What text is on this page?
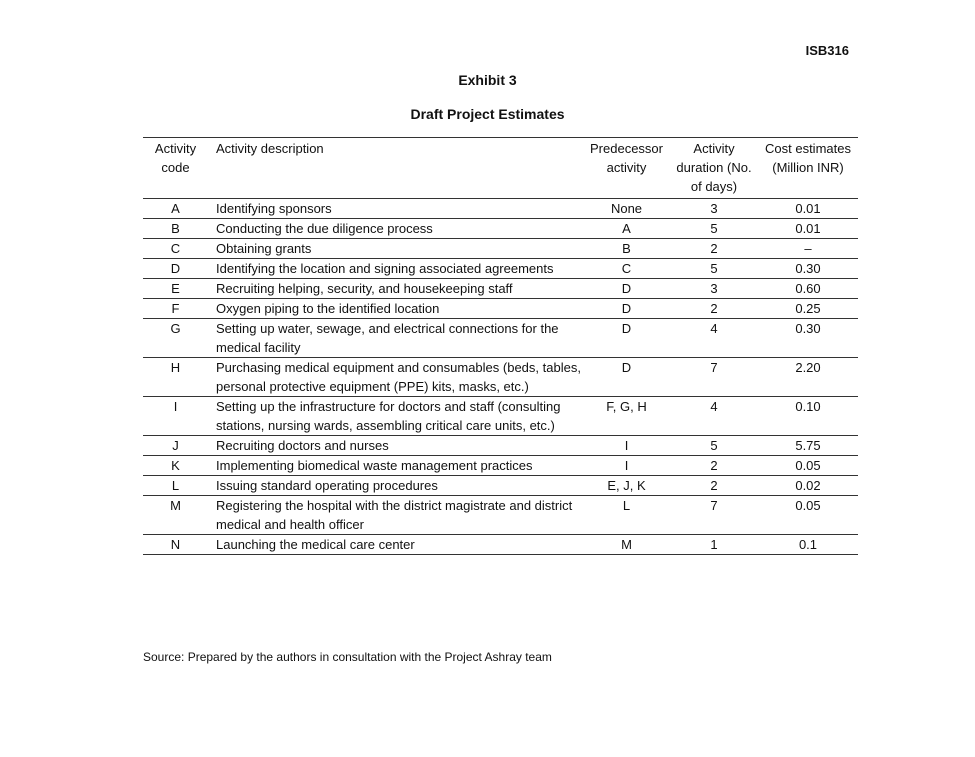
ISB316
Exhibit 3
Draft Project Estimates
Activity code	Activity description	Predecessor activity	Activity duration (No. of days)	Cost estimates (Million INR)
A	Identifying sponsors	None	3	0.01
B	Conducting the due diligence process	A	5	0.01
C	Obtaining grants	B	2	–
D	Identifying the location and signing associated agreements	C	5	0.30
E	Recruiting helping, security, and housekeeping staff	D	3	0.60
F	Oxygen piping to the identified location	D	2	0.25
G	Setting up water, sewage, and electrical connections for the medical facility	D	4	0.30
H	Purchasing medical equipment and consumables (beds, tables, personal protective equipment (PPE) kits, masks, etc.)	D	7	2.20
I	Setting up the infrastructure for doctors and staff (consulting stations, nursing wards, assembling critical care units, etc.)	F, G, H	4	0.10
J	Recruiting doctors and nurses	I	5	5.75
K	Implementing biomedical waste management practices	I	2	0.05
L	Issuing standard operating procedures	E, J, K	2	0.02
M	Registering the hospital with the district magistrate and district medical and health officer	L	7	0.05
N	Launching the medical care center	M	1	0.1
Source: Prepared by the authors in consultation with the Project Ashray team
